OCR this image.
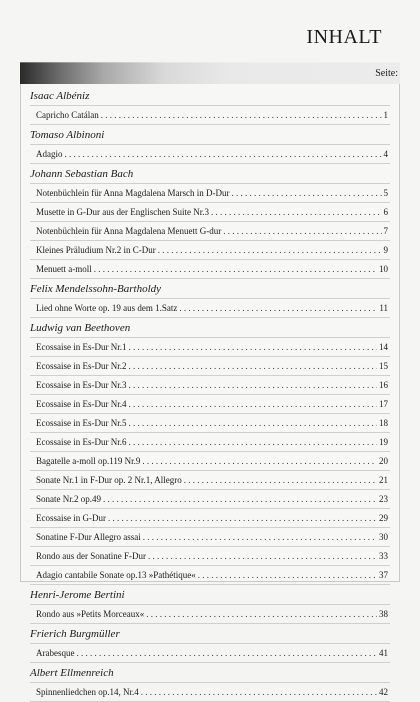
INHALT
Seite:
Isaac Albéniz
Capricho Catálan . . .	1
Tomaso Albinoni
Adagio . . .	4
Johann Sebastian Bach
Notenbüchlein für Anna Magdalena Marsch in D-Dur . . .	5
Musette in G-Dur aus der Englischen Suite Nr.3 . . .	6
Notenbüchlein für Anna Magdalena Menuett G-dur . . .	7
Kleines Präludium Nr.2 in C-Dur . . .	9
Menuett a-moll . . .	10
Felix Mendelssohn-Bartholdy
Lied ohne Worte op. 19 aus dem 1.Satz . . .	11
Ludwig van Beethoven
Ecossaise in Es-Dur Nr.1 . . .	14
Ecossaise in Es-Dur Nr.2 . . .	15
Ecossaise in Es-Dur Nr.3 . . .	16
Ecossaise in Es-Dur Nr.4 . . .	17
Ecossaise in Es-Dur Nr.5 . . .	18
Ecossaise in Es-Dur Nr.6 . . .	19
Bagatelle a-moll op.119 Nr.9 . . .	20
Sonate Nr.1 in F-Dur op. 2 Nr.1, Allegro . . .	21
Sonate Nr.2 op.49 . . .	23
Ecossaise in G-Dur . . .	29
Sonatine F-Dur Allegro assai . . .	30
Rondo aus der Sonatine F-Dur . . .	33
Adagio cantabile Sonate op.13 »Pathétique« . . .	37
Henri-Jerome Bertini
Rondo aus »Petits Morceaux« . . .	38
Frierich Burgmüller
Arabesque . . .	41
Albert Ellmenreich
Spinnenliedchen op.14, Nr.4 . . .	42
